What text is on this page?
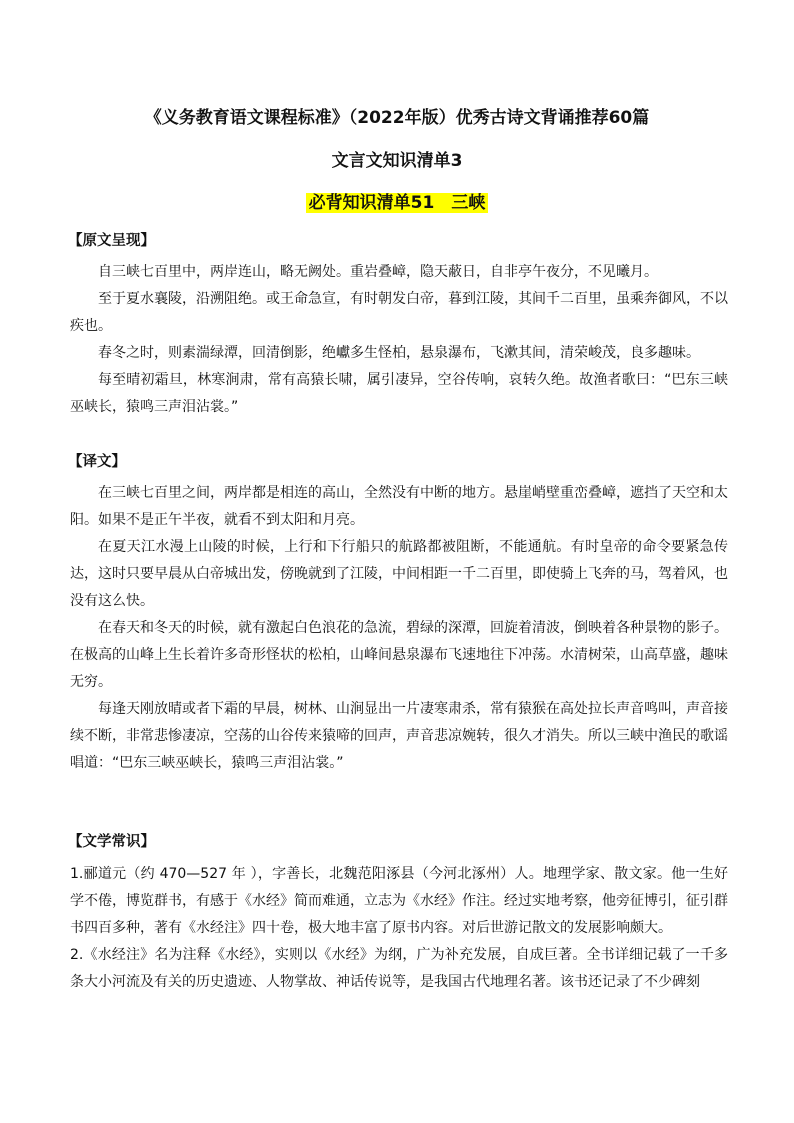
《义务教育语文课程标准》（2022年版）优秀古诗文背诵推荐60篇
文言文知识清单3
必背知识清单51　三峡
【原文呈现】

自三峡七百里中，两岸连山，略无阙处。重岩叠嶂，隐天蔽日，自非亭午夜分，不见曦月。

至于夏水襄陵，沿溯阻绝。或王命急宣，有时朝发白帝，暮到江陵，其间千二百里，虽乘奔御风，不以疾也。

春冬之时，则素湍绿潭，回清倒影，绝巘多生怪柏，悬泉瀑布，飞漱其间，清荣峻茂，良多趣味。

每至晴初霜旦，林寒涧肃，常有高猿长啸，属引凄异，空谷传响，哀转久绝。故渔者歌曰：“巴东三峡巫峡长，猿鸣三声泪沾裳。”

【译文】

在三峡七百里之间，两岸都是相连的高山，全然没有中断的地方。悬崖峭壁重峦叠嶂，遮挡了天空和太阳。如果不是正午半夜，就看不到太阳和月亮。

在夏天江水漫上山陵的时候，上行和下行船只的航路都被阻断，不能通航。有时皇帝的命令要紧急传达，这时只要早晨从白帝城出发，傍晚就到了江陵，中间相距一千二百里，即使骑上飞奔的马，驾着风，也没有这么快。

在春天和冬天的时候，就有激起白色浪花的急流，碧绿的深潭，回旋着清波，倒映着各种景物的影子。在极高的山峰上生长着许多奇形怪状的松柏，山峰间悬泉瀑布飞速地往下冲荡。水清树荣，山高草盛，趣味无穷。

每逢天刚放晴或者下霜的早晨，树林、山涧显出一片凄寒肃杀，常有猿猴在高处拉长声音鸣叫，声音接续不断，非常悲惨凄凉，空荡的山谷传来猿啼的回声，声音悲凉婉转，很久才消失。所以三峡中渔民的歌谣唱道：“巴东三峡巫峡长，猿鸣三声泪沾裳。”

【文学常识】

1.郦道元（约 470—527 年 ），字善长，北魏范阳涿县（今河北涿州）人。地理学家、散文家。他一生好学不倦，博览群书，有感于《水经》简而难通，立志为《水经》作注。经过实地考察，他旁征博引，征引群书四百多种，著有《水经注》四十卷，极大地丰富了原书内容。对后世游记散文的发展影响颇大。

2.《水经注》名为注释《水经》，实则以《水经》为纲，广为补充发展，自成巨著。全书详细记载了一千多条大小河流及有关的历史遗迹、人物掌故、神话传说等，是我国古代地理名著。该书还记录了不少碑刻
